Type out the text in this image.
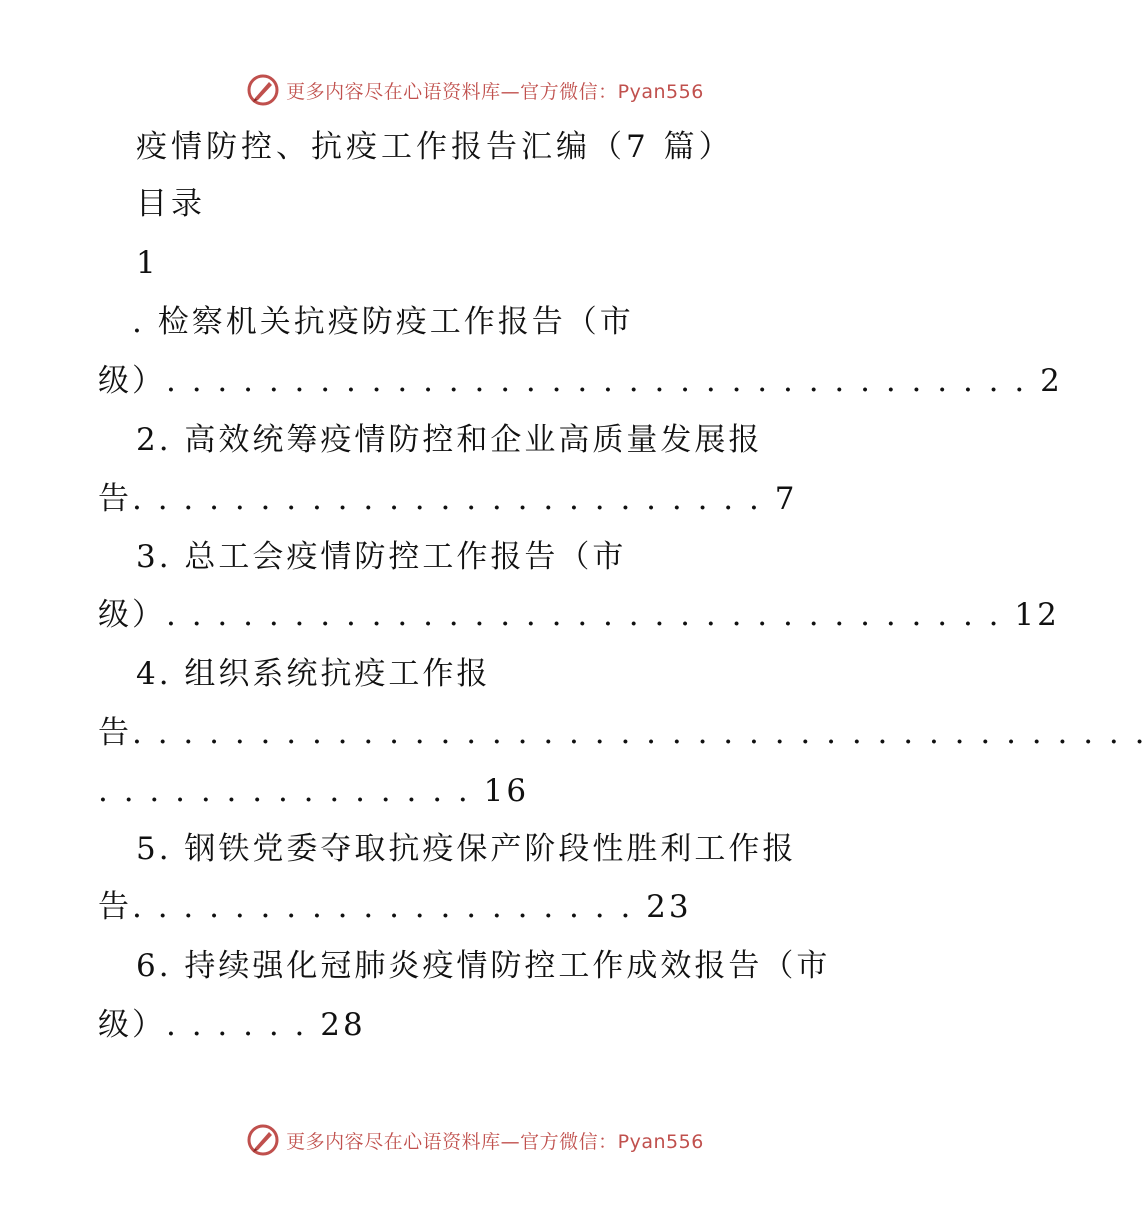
更多内容尽在心语资料库—官方微信：Pyan556
疫情防控、抗疫工作报告汇编（7 篇）
目录
1
. 检察机关抗疫防疫工作报告（市
级）. . . . . . . . . . . . . . . . . . . . . . . . . . . . . . . . . . 2
2. 高效统筹疫情防控和企业高质量发展报
告. . . . . . . . . . . . . . . . . . . . . . . . . 7
3. 总工会疫情防控工作报告（市
级）. . . . . . . . . . . . . . . . . . . . . . . . . . . . . . . . . 12
4. 组织系统抗疫工作报
告. . . . . . . . . . . . . . . . . . . . . . . . . . . . . . . . . . . . . . . .
. . . . . . . . . . . . . . . 16
5. 钢铁党委夺取抗疫保产阶段性胜利工作报
告. . . . . . . . . . . . . . . . . . . . 23
6. 持续强化冠肺炎疫情防控工作成效报告（市
级）. . . . . . 28
更多内容尽在心语资料库—官方微信：Pyan556
